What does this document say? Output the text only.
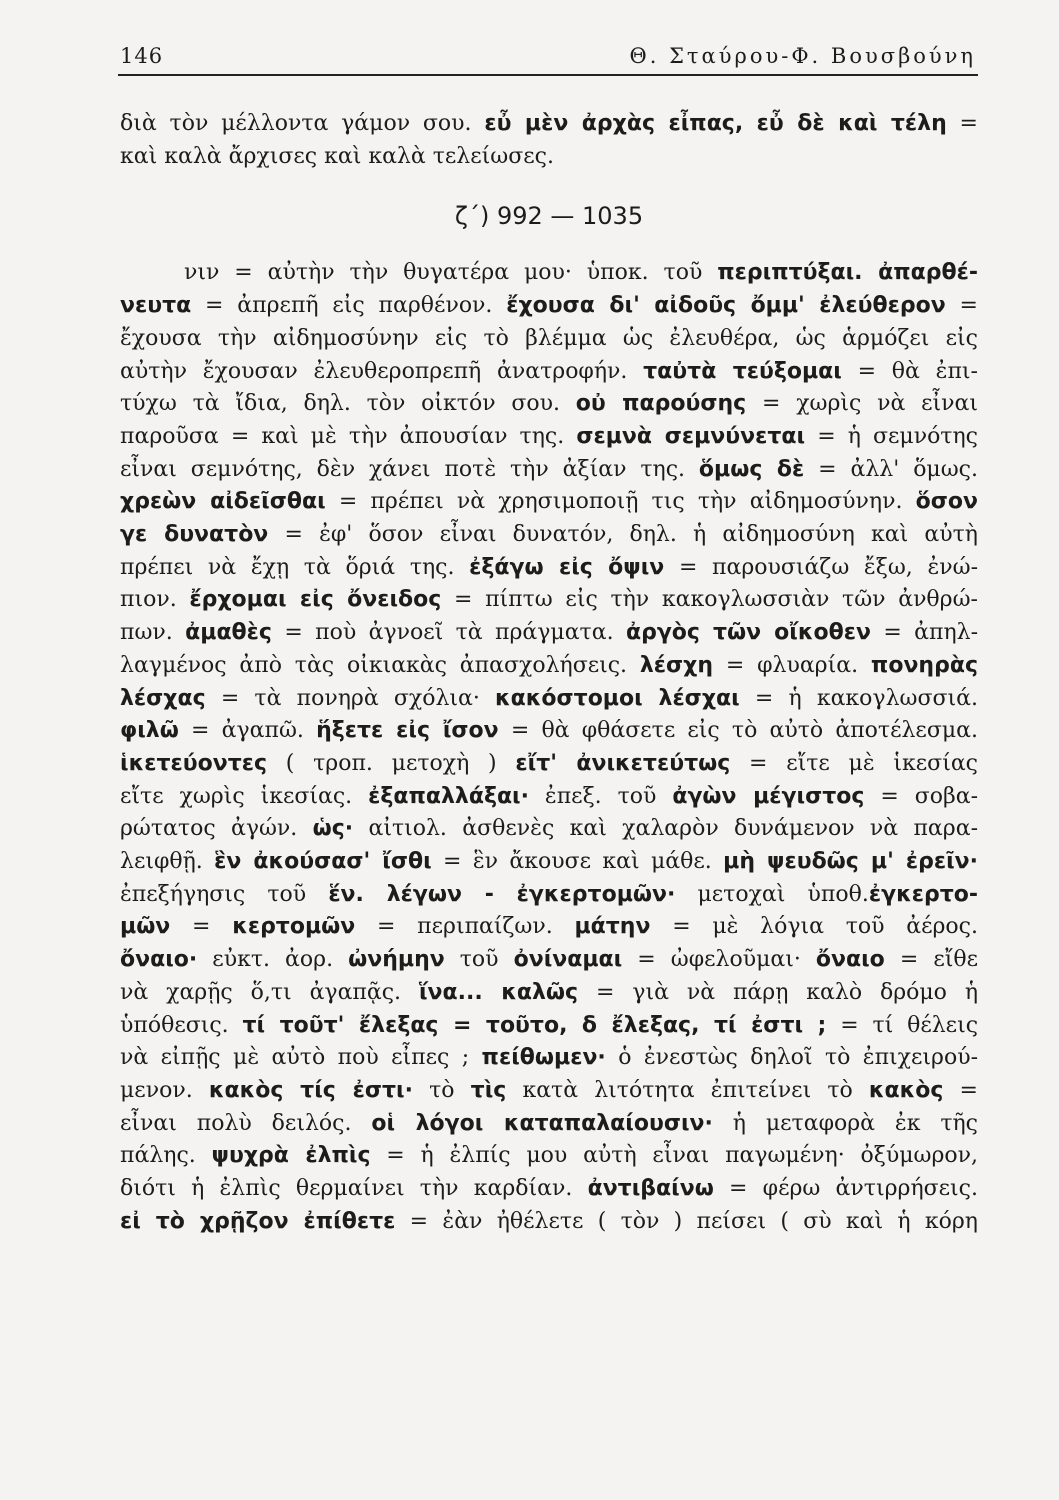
146	Θ. Σταύρου-Φ. Βουσβούνη

διὰ τὸν μέλλοντα γάμον σου. εὖ μὲν ἀρχὰς εἶπας, εὖ δὲ καὶ τέλη =

καὶ καλὰ ἄρχισες καὶ καλὰ τελείωσες.

ζ΄) 992 — 1035

νιν = αὐτὴν τὴν θυγατέρα μου· ὑποκ. τοῦ περιπτύξαι. ἀπαρθέ-

νευτα = ἀπρεπῆ εἰς παρθένον. ἔχουσα δι' αἰδοῦς ὄμμ' ἐλεύθερον =

ἔχουσα τὴν αἰδημοσύνην εἰς τὸ βλέμμα ὡς ἐλευθέρα, ὡς ἁρμόζει εἰς

αὐτὴν ἔχουσαν ἐλευθεροπρεπῆ ἀνατροφήν. ταὐτὰ τεύξομαι = θὰ ἐπι-

τύχω τὰ ἴδια, δηλ. τὸν οἰκτόν σου. οὐ παρούσης = χωρὶς νὰ εἶναι

παροῦσα = καὶ μὲ τὴν ἀπουσίαν της. σεμνὰ σεμνύνεται = ἡ σεμνότης

εἶναι σεμνότης, δὲν χάνει ποτὲ τὴν ἀξίαν της. ὅμως δὲ = ἀλλ' ὅμως.

χρεὼν αἰδεῖσθαι = πρέπει νὰ χρησιμοποιῇ τις τὴν αἰδημοσύνην. ὅσον

γε δυνατὸν = ἐφ' ὅσον εἶναι δυνατόν, δηλ. ἡ αἰδημοσύνη καὶ αὐτὴ

πρέπει νὰ ἔχῃ τὰ ὅριά της. ἐξάγω εἰς ὄψιν = παρουσιάζω ἔξω, ἐνώ-

πιον. ἔρχομαι εἰς ὄνειδος = πίπτω εἰς τὴν κακογλωσσιὰν τῶν ἀνθρώ-

πων. ἀμαθὲς = ποὺ ἀγνοεῖ τὰ πράγματα. ἀργὸς τῶν οἴκοθεν = ἀπηλ-

λαγμένος ἀπὸ τὰς οἰκιακὰς ἀπασχολήσεις. λέσχη = φλυαρία. πονηρὰς

λέσχας = τὰ πονηρὰ σχόλια· κακόστομοι λέσχαι = ἡ κακογλωσσιά.

φιλῶ = ἀγαπῶ. ἥξετε εἰς ἴσον = θὰ φθάσετε εἰς τὸ αὐτὸ ἀποτέλεσμα.

ἱκετεύοντες ( τροπ. μετοχὴ ) εἴτ' ἀνικετεύτως = εἴτε μὲ ἱκεσίας

εἴτε χωρὶς ἱκεσίας. ἐξαπαλλάξαι· ἐπεξ. τοῦ ἀγὼν μέγιστος = σοβα-

ρώτατος ἀγών. ὡς· αἰτιολ. ἀσθενὲς καὶ χαλαρὸν δυνάμενον νὰ παρα-

λειφθῇ. ἓν ἀκούσασ' ἴσθι = ἓν ἄκουσε καὶ μάθε. μὴ ψευδῶς μ' ἐρεῖν·

ἐπεξήγησις τοῦ ἕν. λέγων - ἐγκερτομῶν· μετοχαὶ ὑποθ.ἐγκερτο-

μῶν = κερτομῶν = περιπαίζων. μάτην = μὲ λόγια τοῦ ἀέρος.

ὄναιο· εὐκτ. ἀορ. ὠνήμην τοῦ ὀνίναμαι = ὠφελοῦμαι· ὄναιο = εἴθε

νὰ χαρῇς ὅ,τι ἀγαπᾷς. ἵνα... καλῶς = γιὰ νὰ πάρῃ καλὸ δρόμο ἡ

ὑπόθεσις. τί τοῦτ' ἔλεξας = τοῦτο, δ ἔλεξας, τί ἐστι ; = τί θέλεις

νὰ εἰπῇς μὲ αὐτὸ ποὺ εἶπες ; πείθωμεν· ὁ ἐνεστὼς δηλοῖ τὸ ἐπιχειρού-

μενον. κακὸς τίς ἐστι· τὸ τὶς κατὰ λιτότητα ἐπιτείνει τὸ κακὸς =

εἶναι πολὺ δειλός. οἱ λόγοι καταπαλαίουσιν· ἡ μεταφορὰ ἐκ τῆς

πάλης. ψυχρὰ ἐλπὶς = ἡ ἐλπίς μου αὐτὴ εἶναι παγωμένη· ὀξύμωρον,

διότι ἡ ἐλπὶς θερμαίνει τὴν καρδίαν. ἀντιβαίνω = φέρω ἀντιρρήσεις.

εἰ τὸ χρῇζον ἐπίθετε = ἐὰν ἠθέλετε ( τὸν ) πείσει ( σὺ καὶ ἡ κόρη
